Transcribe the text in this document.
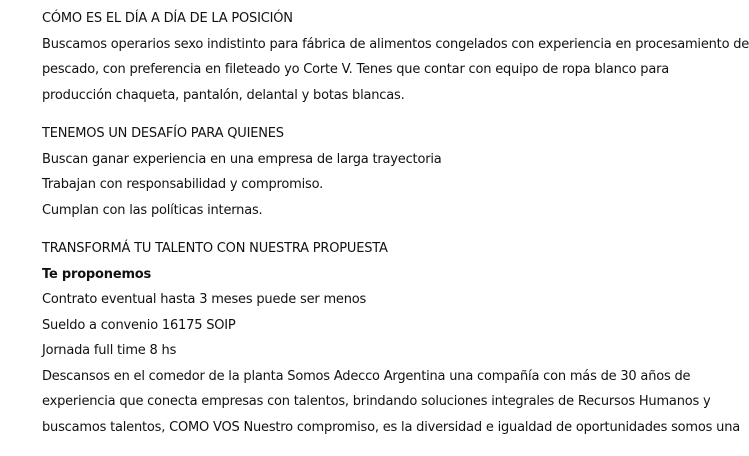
CÓMO ES EL DÍA A DÍA DE LA POSICIÓN
Buscamos operarios sexo indistinto para fábrica de alimentos congelados con experiencia en procesamiento de
pescado, con preferencia en fileteado yo Corte V. Tenes que contar con equipo de ropa blanco para
producción chaqueta, pantalón, delantal y botas blancas.
TENEMOS UN DESAFÍO PARA QUIENES
Buscan ganar experiencia en una empresa de larga trayectoria
Trabajan con responsabilidad y compromiso.
Cumplan con las políticas internas.
TRANSFORMÁ TU TALENTO CON NUESTRA PROPUESTA
Te proponemos
Contrato eventual hasta 3 meses puede ser menos
Sueldo a convenio 16175 SOIP
Jornada full time 8 hs
Descansos en el comedor de la planta Somos Adecco Argentina una compañía con más de 30 años de
experiencia que conecta empresas con talentos, brindando soluciones integrales de Recursos Humanos y
buscamos talentos, COMO VOS Nuestro compromiso, es la diversidad e igualdad de oportunidades somos una
